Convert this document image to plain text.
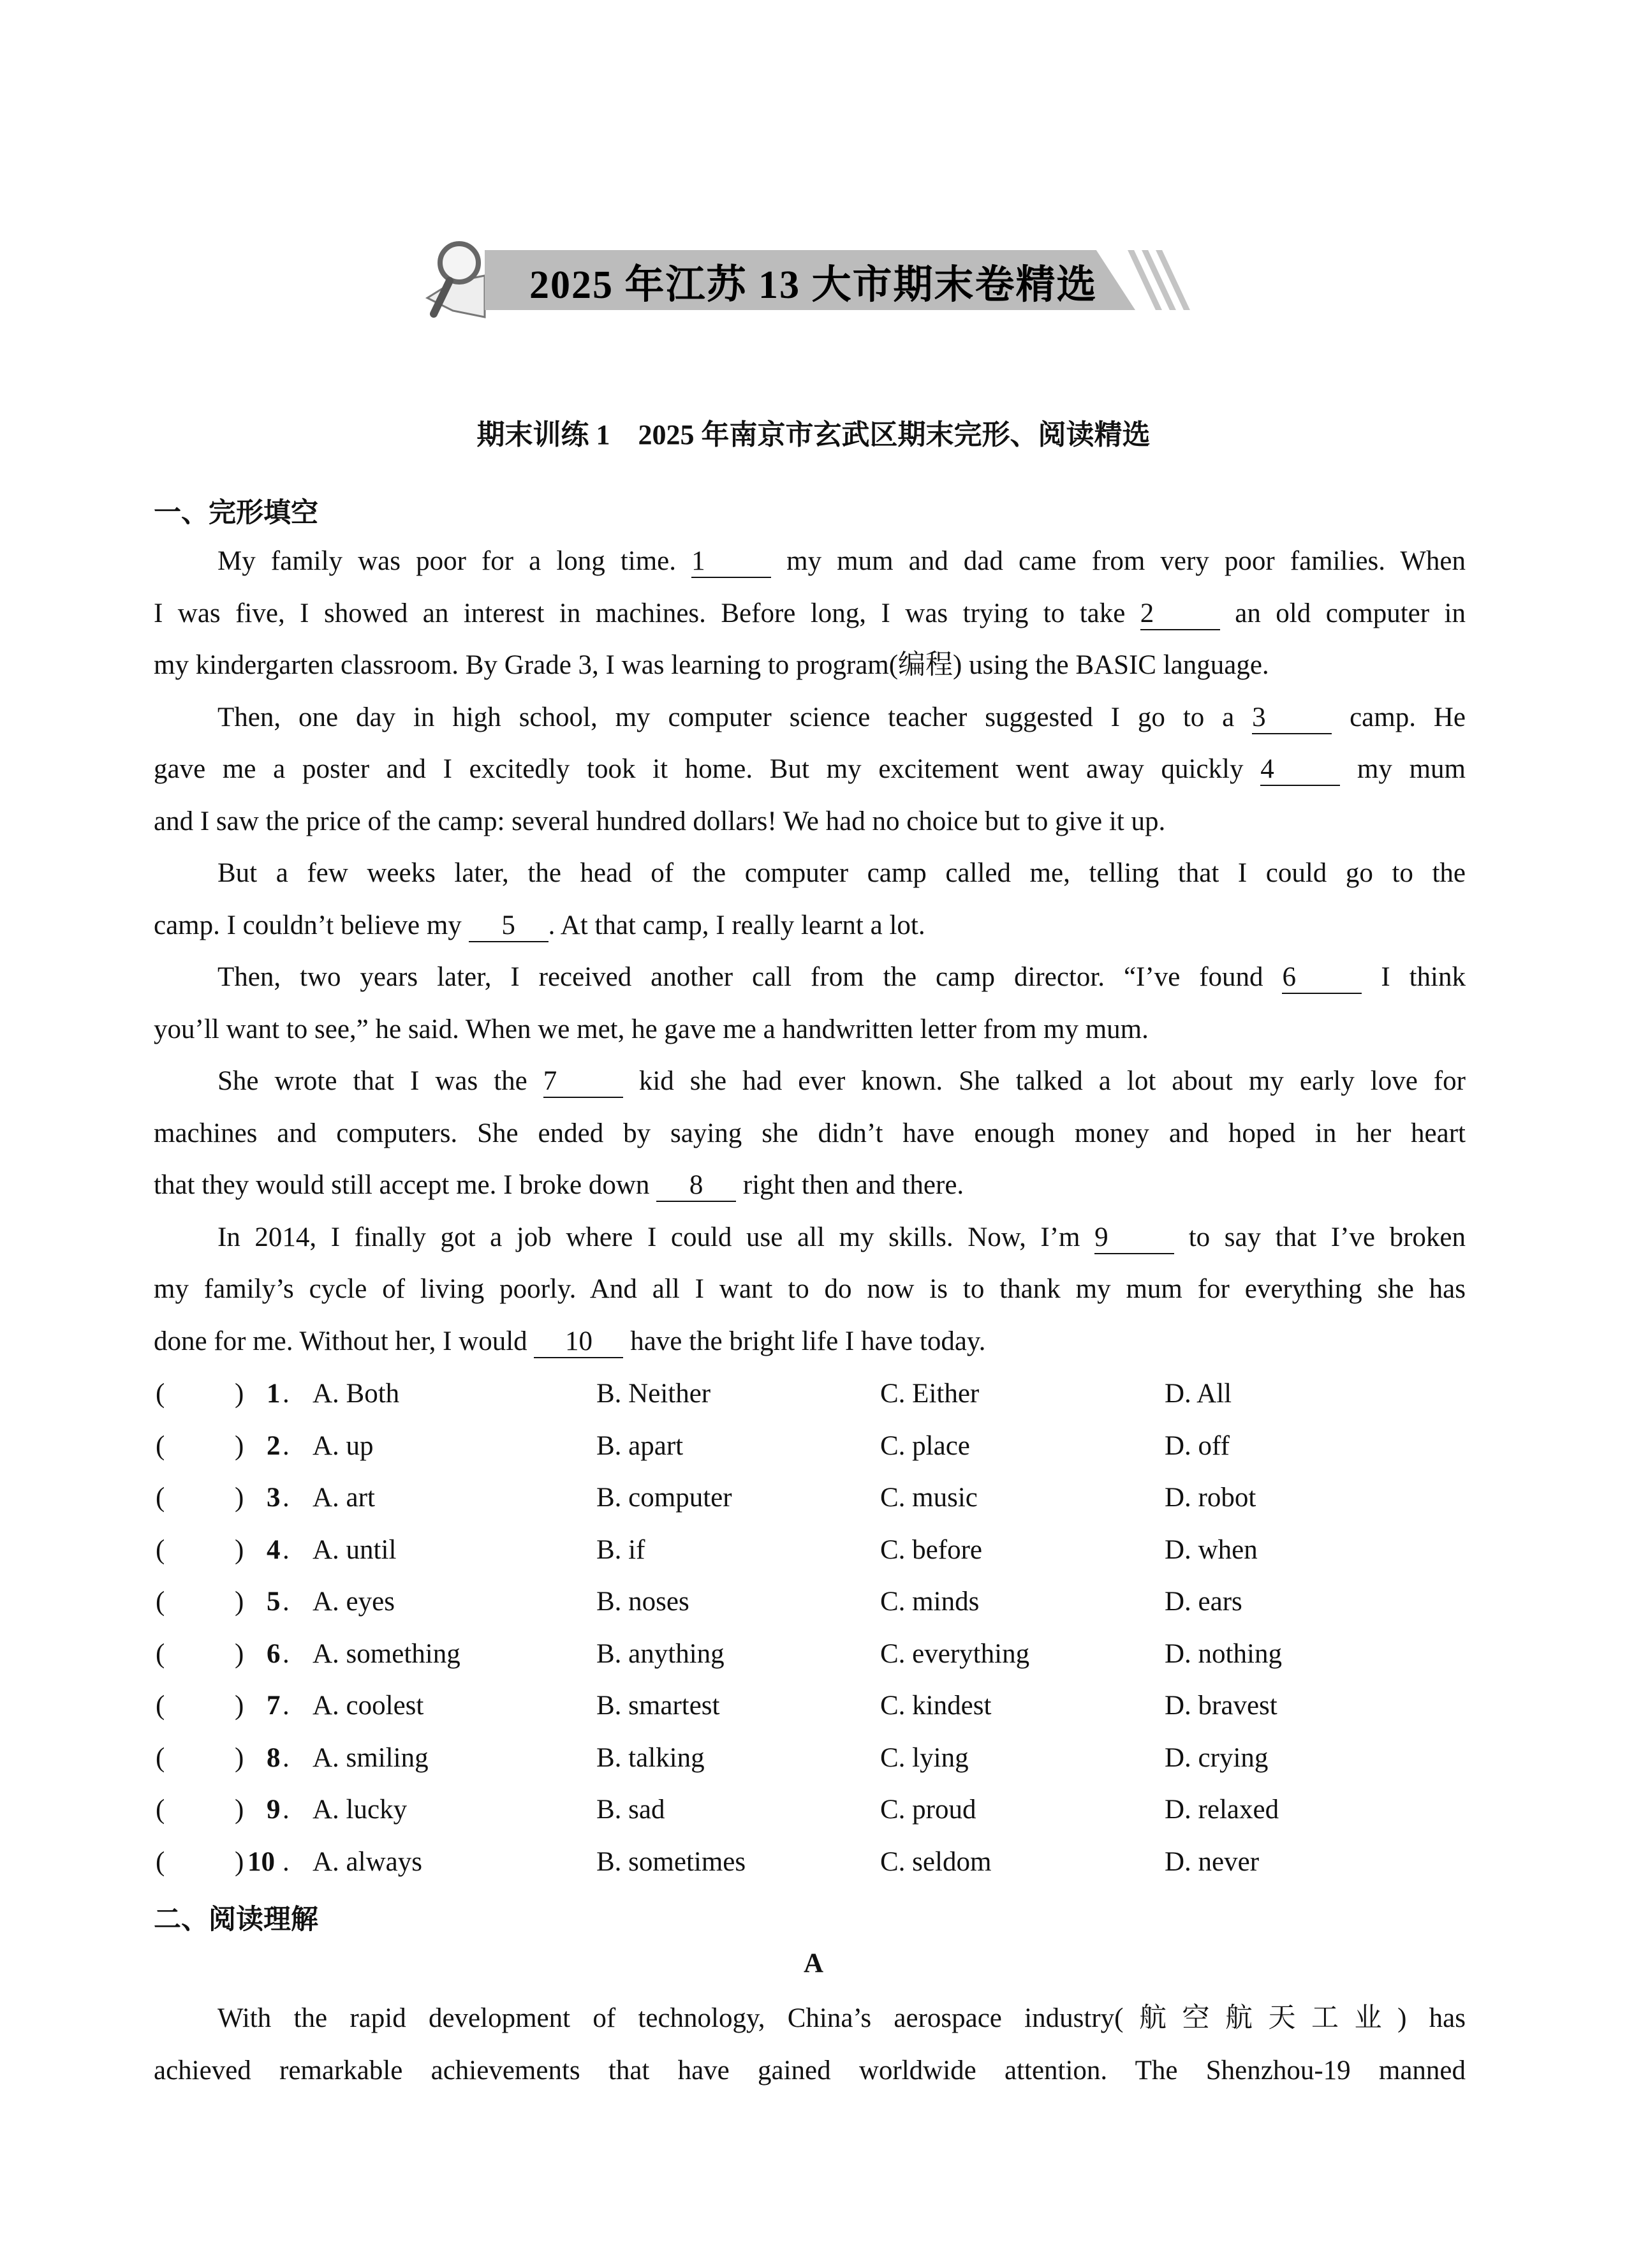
2025 年江苏 13 大市期末卷精选
期末训练 1　2025 年南京市玄武区期末完形、阅读精选
一、完形填空
My family was poor for a long time. 1 my mum and dad came from very poor families. When
I was five, I showed an interest in machines. Before long, I was trying to take 2 an old computer in
my kindergarten classroom. By Grade 3, I was learning to program(编程) using the BASIC language.
Then, one day in high school, my computer science teacher suggested I go to a 3 camp. He
gave me a poster and I excitedly took it home. But my excitement went away quickly 4 my mum
and I saw the price of the camp: several hundred dollars! We had no choice but to give it up.
But a few weeks later, the head of the computer camp called me, telling that I could go to the
camp. I couldn’t believe my 5 . At that camp, I really learnt a lot.
Then, two years later, I received another call from the camp director. “I’ve found 6 I think
you’ll want to see,” he said. When we met, he gave me a handwritten letter from my mum.
She wrote that I was the 7 kid she had ever known. She talked a lot about my early love for
machines and computers. She ended by saying she didn’t have enough money and hoped in her heart
that they would still accept me. I broke down 8 right then and there.
In 2014, I finally got a job where I could use all my skills. Now, I’m 9 to say that I’ve broken
my family’s cycle of living poorly. And all I want to do now is to thank my mum for everything she has
done for me. Without her, I would 10 have the bright life I have today.
(	) 1 . A. Both	B. Neither	C. Either	D. All
(	) 2 . A. up	B. apart	C. place	D. off
(	) 3 . A. art	B. computer	C. music	D. robot
(	) 4 . A. until	B. if	C. before	D. when
(	) 5 . A. eyes	B. noses	C. minds	D. ears
(	) 6 . A. something	B. anything	C. everything	D. nothing
(	) 7 . A. coolest	B. smartest	C. kindest	D. bravest
(	) 8 . A. smiling	B. talking	C. lying	D. crying
(	) 9 . A. lucky	B. sad	C. proud	D. relaxed
(	) 10 . A. always	B. sometimes	C. seldom	D. never
二、阅读理解
A
With the rapid development of technology, China’s aerospace industry(航空航天工业) has
achieved remarkable achievements that have gained worldwide attention. The Shenzhou-19 manned
